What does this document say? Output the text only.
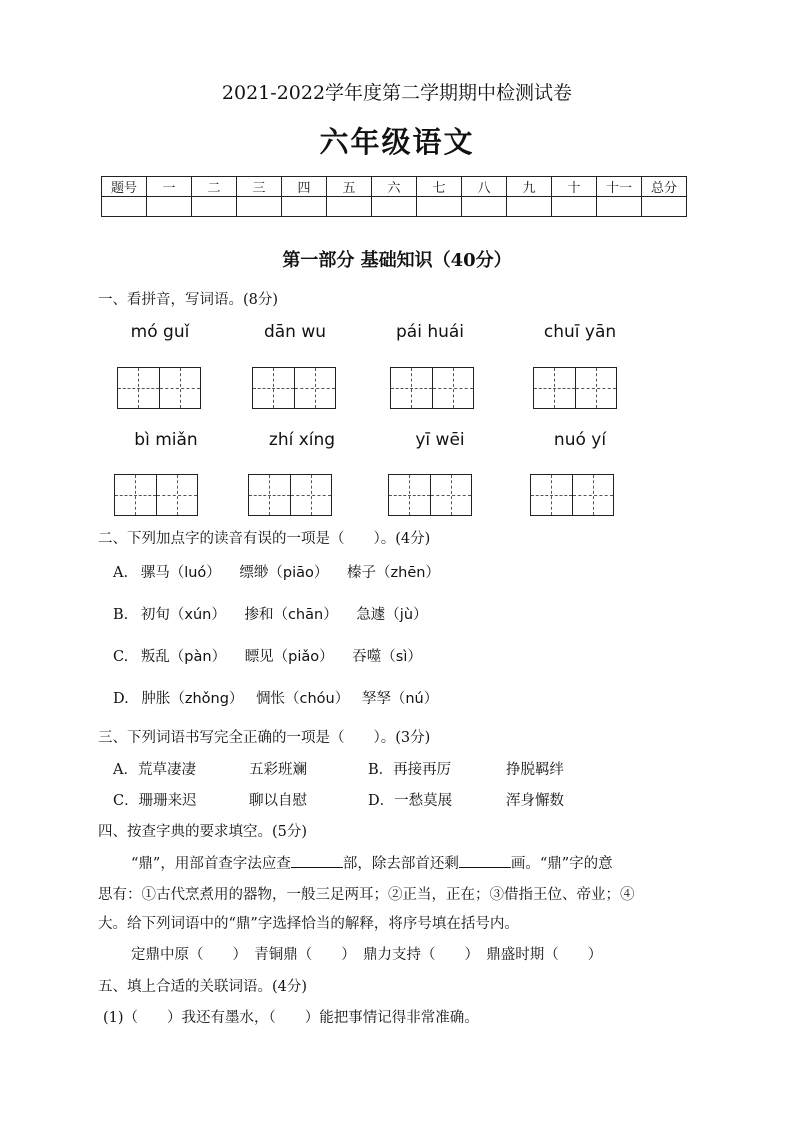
2021-2022学年度第二学期期中检测试卷
六年级语文
题号	一	二	三	四	五	六	七	八	九	十	十一	总分

第一部分 基础知识（40分）
一、看拼音，写词语。(8分)
mó guǐ	dān wu	pái huái	chuī yān
bì miǎn	zhí xíng	yī wēi	nuó yí
二、下列加点字的读音有误的一项是（　　）。(4分)
A. 骡马（luó） 缥缈（piāo） 榛子（zhēn）
B. 初旬（xún） 掺和（chān） 急遽（jù）
C. 叛乱（pàn） 瞟见（piǎo） 吞噬（sì）
D. 肿胀（zhǒng） 惆怅（chóu） 孥孥（nú）
三、下列词语书写完全正确的一项是（　　）。(3分)
A．荒草凄凄	五彩班斓	B．再接再厉	挣脱羁绊
C．珊珊来迟	聊以自慰	D．一愁莫展	浑身懈数
四、按查字典的要求填空。(5分)
“鼎”，用部首查字法应查	部，除去部首还剩	画。“鼎”字的意
思有：①古代烹煮用的器物，一般三足两耳；②正当，正在；③借指王位、帝业；④
大。给下列词语中的“鼎”字选择恰当的解释，将序号填在括号内。
定鼎中原（　　）　青铜鼎（　　）　鼎力支持（　　）　鼎盛时期（　　）
五、填上合适的关联词语。(4分)
(1)（　　）我还有墨水，（　　）能把事情记得非常准确。
